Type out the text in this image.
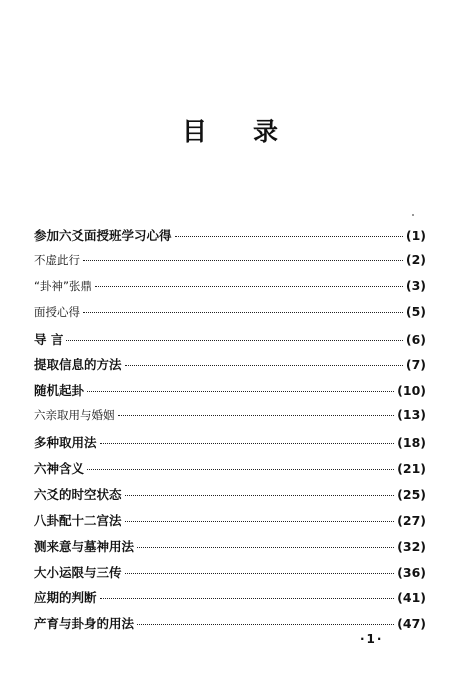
目录
参加六爻面授班学习心得	(1)
不虚此行	(2)
“卦神”张鼎	(3)
面授心得	(5)
导 言	(6)
提取信息的方法	(7)
随机起卦	(10)
六亲取用与婚姻	(13)
多种取用法	(18)
六神含义	(21)
六爻的时空状态	(25)
八卦配十二宫法	(27)
测来意与墓神用法	(32)
大小运限与三传	(36)
应期的判断	(41)
产育与卦身的用法	(47)
·1·
